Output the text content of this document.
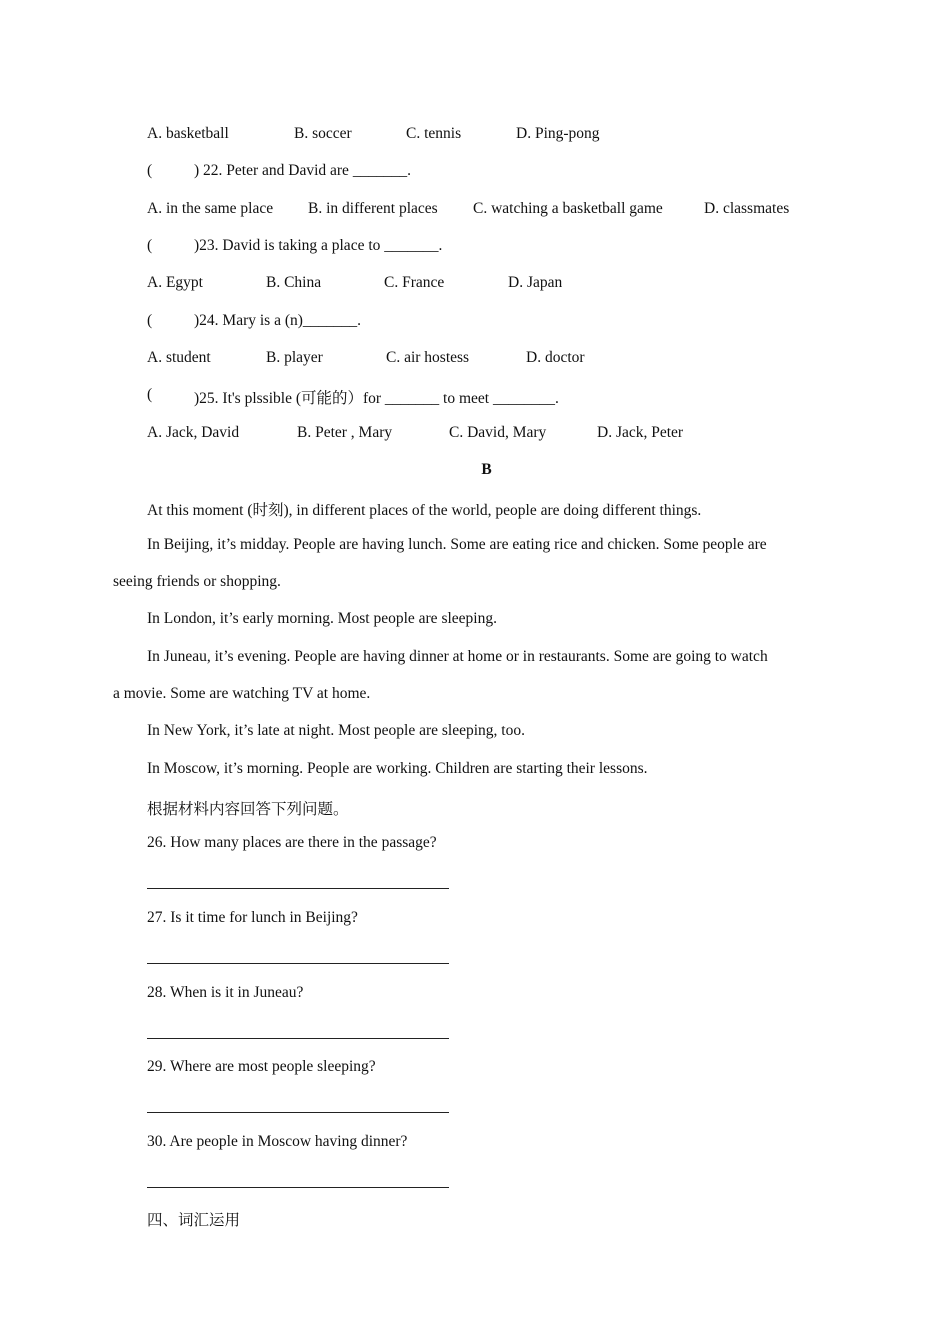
A. basketball	B. soccer	C. tennis	D. Ping-pong
(	) 22. Peter and David are _______.
A. in the same place B. in different places C. watching a basketball game	D. classmates
(	)23. David is taking a place to _______.
A. Egypt	B. China	C. France	D. Japan
(	)24. Mary is a (n)_______.
A. student	B. player	C. air hostess	D. doctor
(	)25. It's plssible (可能的）for _______ to meet ________.
A. Jack, David	B. Peter , Mary	C. David, Mary	D. Jack, Peter
B
At this moment (时刻), in different places of the world, people are doing different things.
In Beijing, it’s midday. People are having lunch. Some are eating rice and chicken. Some people are
seeing friends or shopping.
In London, it’s early morning. Most people are sleeping.
In Juneau, it’s evening. People are having dinner at home or in restaurants. Some are going to watch
a movie. Some are watching TV at home.
In New York, it’s late at night. Most people are sleeping, too.
In Moscow, it’s morning. People are working. Children are starting their lessons.
根据材料内容回答下列问题。
26. How many places are there in the passage?
27. Is it time for lunch in Beijing?
28. When is it in Juneau?
29. Where are most people sleeping?
30. Are people in Moscow having dinner?
四、词汇运用
